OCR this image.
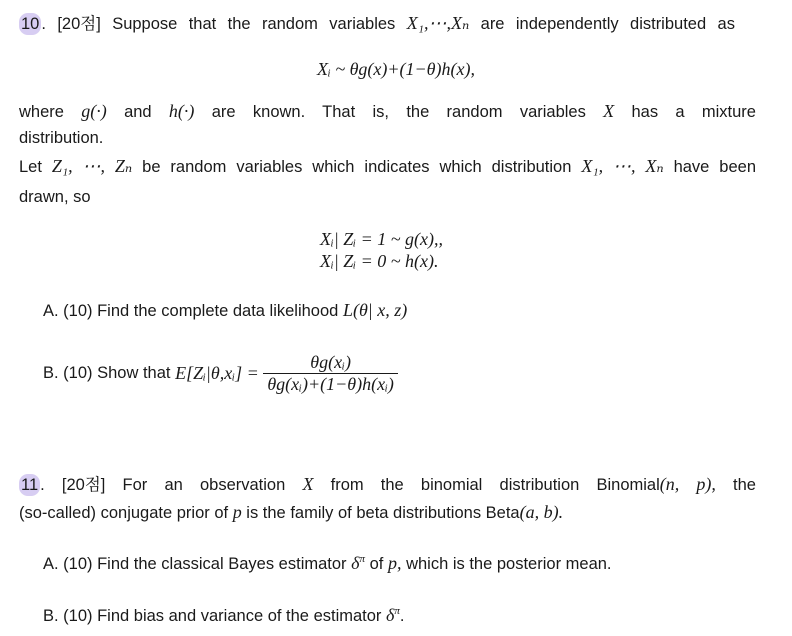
10 . [20점] Suppose that the random variables X₁,⋯,Xₙ are independently distributed as
Xᵢ ~ θg(x)+(1−θ)h(x),
where g(·) and h(·) are known. That is, the random variables X has a mixture
distribution.
Let Z₁, ⋯, Zₙ be random variables which indicates which distribution X₁, ⋯, Xₙ have been
drawn, so
Xᵢ| Zᵢ = 1 ~ g(x),,
Xᵢ| Zᵢ = 0 ~ h(x).
A. (10) Find the complete data likelihood L(θ| x, z)
B. (10) Show that E[Zᵢ|θ,xᵢ] = $\frac{\text{θg(xᵢ)}}{\text{θg(xᵢ)+(1−θ)h(xᵢ)}}$
11 . [20점] For an observation X from the binomial distribution Binomial(n, p), the
(so-called) conjugate prior of p is the family of beta distributions Beta(a, b).
A. (10) Find the classical Bayes estimator $\delta^\pi$ of p, which is the posterior mean.
B. (10) Find bias and variance of the estimator $\delta^\pi$.
